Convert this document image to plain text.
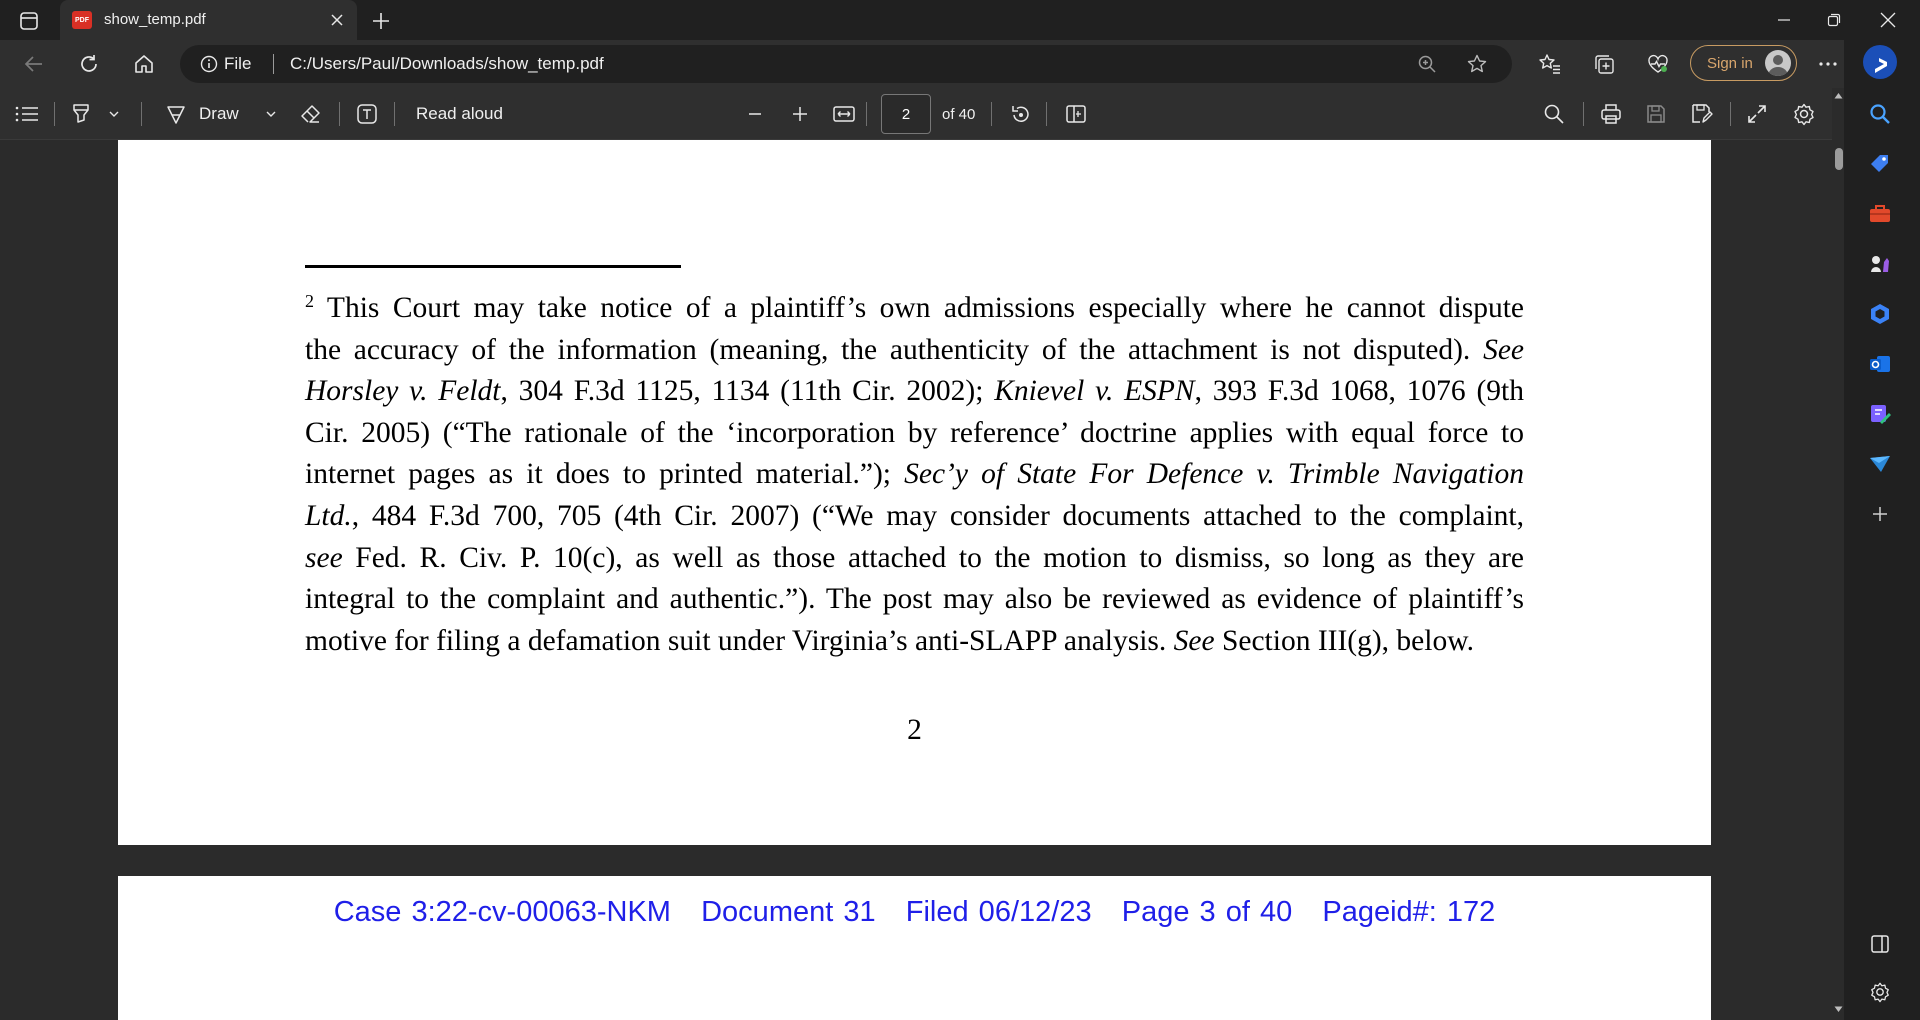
PDF show_temp.pdf
File C:/Users/Paul/Downloads/show_temp.pdf	Sign in
Draw	Read aloud
2	of 40
$^2$ This Court may take notice of a plaintiff’s own admissions especially where he cannot dispute
the accuracy of the information (meaning, the authenticity of the attachment is not disputed). See
Horsley v. Feldt, 304 F.3d 1125, 1134 (11th Cir. 2002); Knievel v. ESPN, 393 F.3d 1068, 1076 (9th
Cir. 2005) (“The rationale of the ‘incorporation by reference’ doctrine applies with equal force to
internet pages as it does to printed material.”); Sec’y of State For Defence v. Trimble Navigation
Ltd., 484 F.3d 700, 705 (4th Cir. 2007) (“We may consider documents attached to the complaint,
see Fed. R. Civ. P. 10(c), as well as those attached to the motion to dismiss, so long as they are
integral to the complaint and authentic.”). The post may also be reviewed as evidence of plaintiff’s
motive for filing a defamation suit under Virginia’s anti-SLAPP analysis. See Section III(g), below.
2
Case 3:22-cv-00063-NKM   Document 31   Filed 06/12/23   Page 3 of 40   Pageid#: 172
